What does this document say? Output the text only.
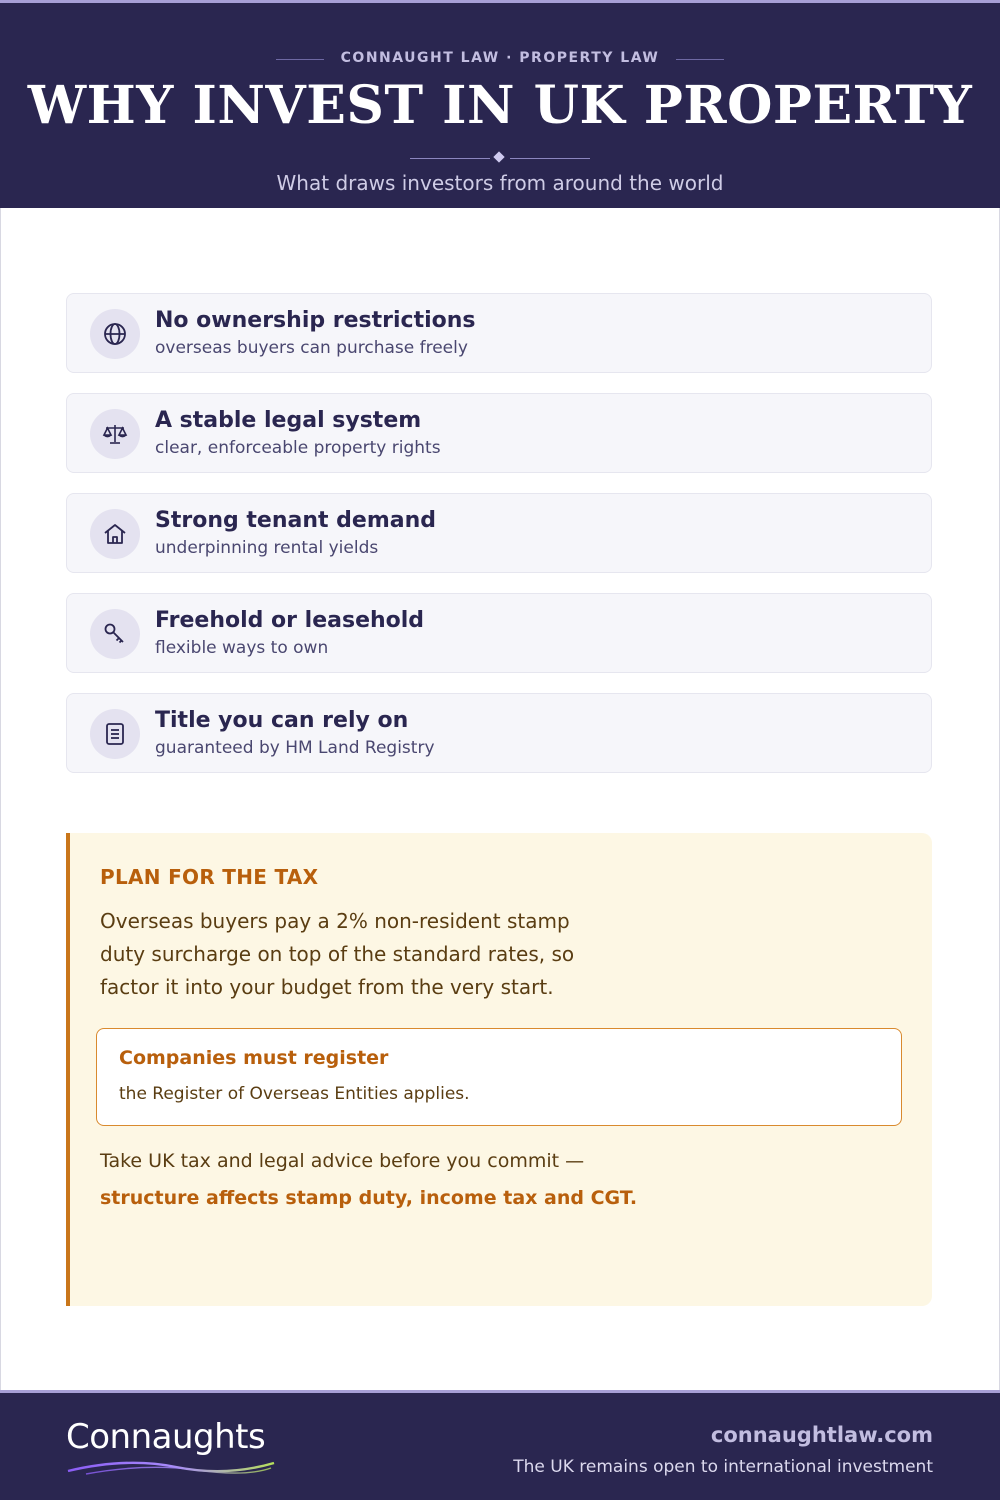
CONNAUGHT LAW · PROPERTY LAW
WHY INVEST IN UK PROPERTY
What draws investors from around the world
No ownership restrictions
overseas buyers can purchase freely
A stable legal system
clear, enforceable property rights
Strong tenant demand
underpinning rental yields
Freehold or leasehold
flexible ways to own
Title you can rely on
guaranteed by HM Land Registry
PLAN FOR THE TAX
Overseas buyers pay a 2% non-resident stamp duty surcharge on top of the standard rates, so factor it into your budget from the very start.
Companies must register
the Register of Overseas Entities applies.
Take UK tax and legal advice before you commit —
structure affects stamp duty, income tax and CGT.
Connaughts	connaughtlaw.com
The UK remains open to international investment
